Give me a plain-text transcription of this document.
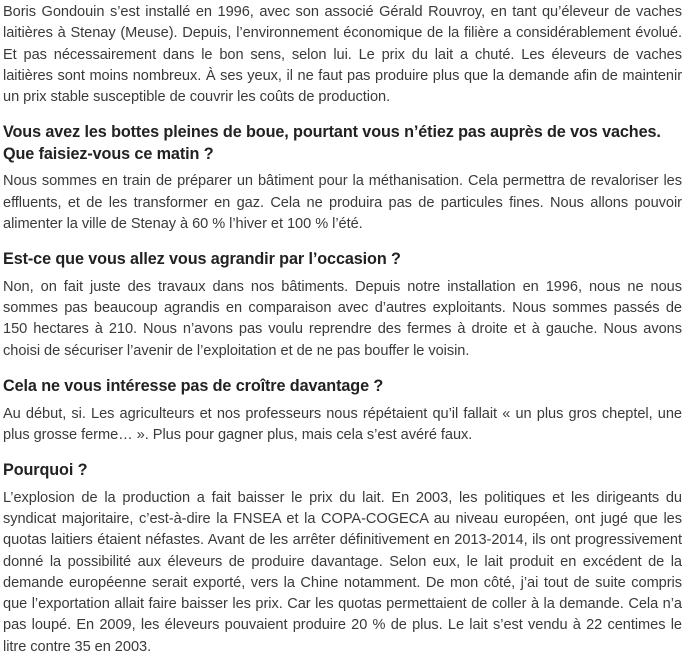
Boris Gondouin s’est installé en 1996, avec son associé Gérald Rouvroy, en tant qu’éleveur de vaches laitières à Stenay (Meuse). Depuis, l’environnement économique de la filière a considérablement évolué. Et pas nécessairement dans le bon sens, selon lui. Le prix du lait a chuté. Les éleveurs de vaches laitières sont moins nombreux. À ses yeux, il ne faut pas produire plus que la demande afin de maintenir un prix stable susceptible de couvrir les coûts de production.

Vous avez les bottes pleines de boue, pourtant vous n’étiez pas auprès de vos vaches. Que faisiez-vous ce matin ?

Nous sommes en train de préparer un bâtiment pour la méthanisation. Cela permettra de revaloriser les effluents, et de les transformer en gaz. Cela ne produira pas de particules fines. Nous allons pouvoir alimenter la ville de Stenay à 60 % l’hiver et 100 % l’été.

Est-ce que vous allez vous agrandir par l’occasion ?

Non, on fait juste des travaux dans nos bâtiments. Depuis notre installation en 1996, nous ne nous sommes pas beaucoup agrandis en comparaison avec d’autres exploitants. Nous sommes passés de 150 hectares à 210. Nous n’avons pas voulu reprendre des fermes à droite et à gauche. Nous avons choisi de sécuriser l’avenir de l’exploitation et de ne pas bouffer le voisin.

Cela ne vous intéresse pas de croître davantage ?

Au début, si. Les agriculteurs et nos professeurs nous répétaient qu’il fallait « un plus gros cheptel, une plus grosse ferme… ». Plus pour gagner plus, mais cela s’est avéré faux.

Pourquoi ?

L’explosion de la production a fait baisser le prix du lait. En 2003, les politiques et les dirigeants du syndicat majoritaire, c’est-à-dire la FNSEA et la COPA-COGECA au niveau européen, ont jugé que les quotas laitiers étaient néfastes. Avant de les arrêter définitivement en 2013-2014, ils ont progressivement donné la possibilité aux éleveurs de produire davantage. Selon eux, le lait produit en excédent de la demande européenne serait exporté, vers la Chine notamment. De mon côté, j’ai tout de suite compris que l’exportation allait faire baisser les prix. Car les quotas permettaient de coller à la demande. Cela n’a pas loupé. En 2009, les éleveurs pouvaient produire 20 % de plus. Le lait s’est vendu à 22 centimes le litre contre 35 en 2003.
